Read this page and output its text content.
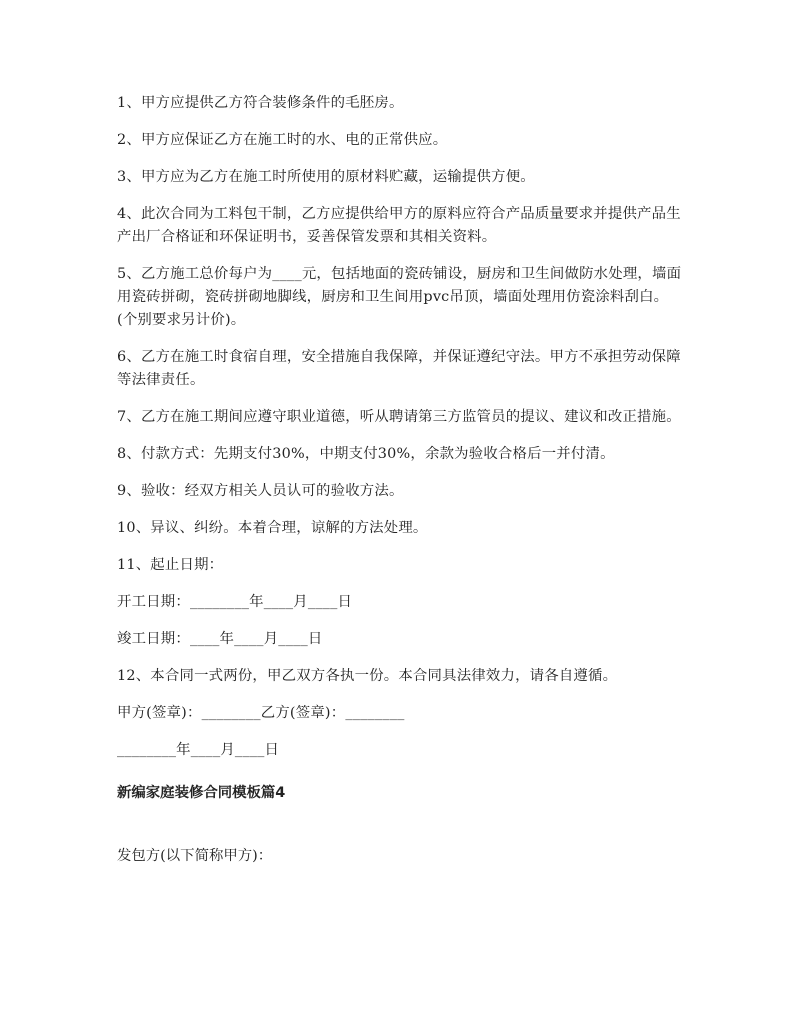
1、甲方应提供乙方符合装修条件的毛胚房。

2、甲方应保证乙方在施工时的水、电的正常供应。

3、甲方应为乙方在施工时所使用的原材料贮藏，运输提供方便。

4、此次合同为工料包干制，乙方应提供给甲方的原料应符合产品质量要求并提供产品生产出厂合格证和环保证明书，妥善保管发票和其相关资料。

5、乙方施工总价每户为____元，包括地面的瓷砖铺设，厨房和卫生间做防水处理，墙面用瓷砖拼砌，瓷砖拼砌地脚线，厨房和卫生间用pvc吊顶，墙面处理用仿瓷涂料刮白。(个别要求另计价)。

6、乙方在施工时食宿自理，安全措施自我保障，并保证遵纪守法。甲方不承担劳动保障等法律责任。

7、乙方在施工期间应遵守职业道德，听从聘请第三方监管员的提议、建议和改正措施。

8、付款方式：先期支付30%，中期支付30%，余款为验收合格后一并付清。

9、验收：经双方相关人员认可的验收方法。

10、异议、纠纷。本着合理，谅解的方法处理。

11、起止日期：

开工日期：________年____月____日

竣工日期：____年____月____日

12、本合同一式两份，甲乙双方各执一份。本合同具法律效力，请各自遵循。

甲方(签章)：________乙方(签章)：________

________年____月____日

新编家庭装修合同模板篇4

发包方(以下简称甲方)：
